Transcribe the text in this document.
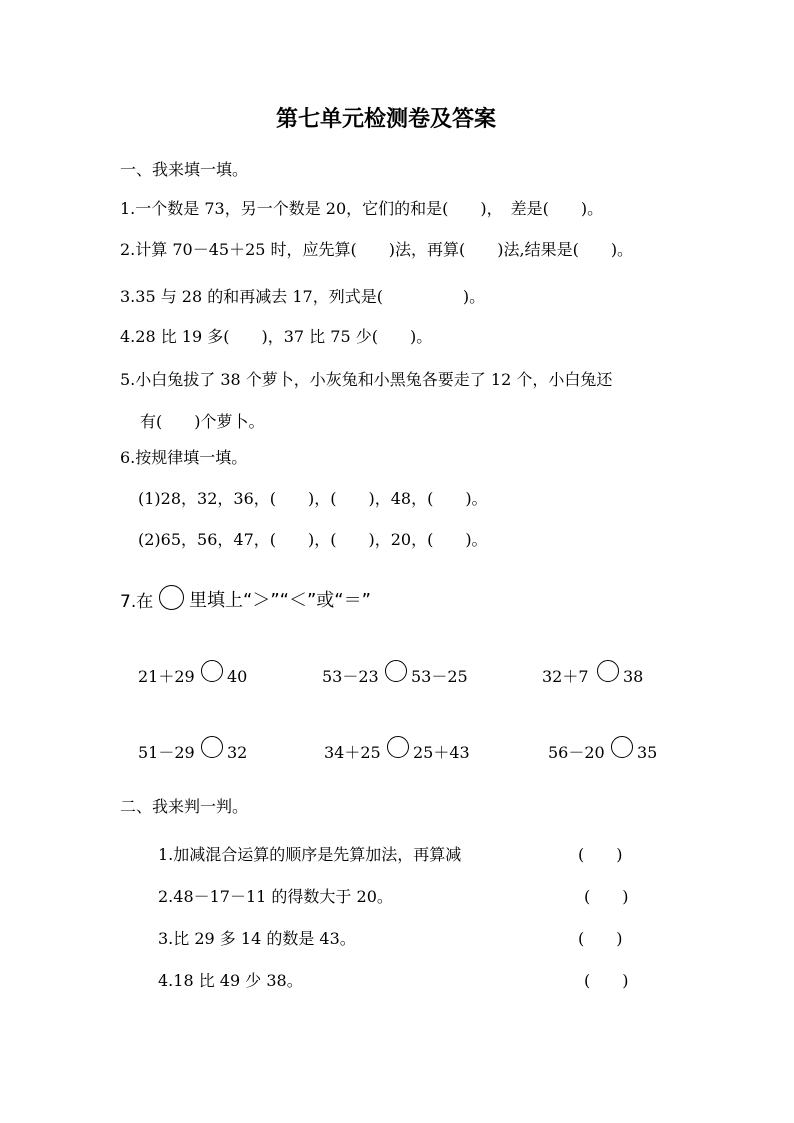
第七单元检测卷及答案
一、我来填一填。
1.一个数是 73，另一个数是 20，它们的和是(　　)，　差是(　　)。
2.计算 70－45＋25 时，应先算(　　)法，再算(　　)法,结果是(　　)。
3.35 与 28 的和再减去 17，列式是(　　　　　)。
4.28 比 19 多(　　)，37 比 75 少(　　)。
5.小白兔拔了 38 个萝卜，小灰兔和小黑兔各要走了 12 个，小白兔还
有(　　)个萝卜。
6.按规律填一填。
(1)28，32，36，(　　)，(　　)，48，(　　)。
(2)65，56，47，(　　)，(　　)，20，(　　)。
7.在 里填上“＞”“＜”或“＝”
21＋29 40	53－23 53－25	32＋7 38
51－29 32	34＋25 25＋43	56－20 35
二、我来判一判。
1.加减混合运算的顺序是先算加法，再算减	(　　)
2.48－17－11 的得数大于 20。	(　　)
3.比 29 多 14 的数是 43。	(　　)
4.18 比 49 少 38。	(　　)
